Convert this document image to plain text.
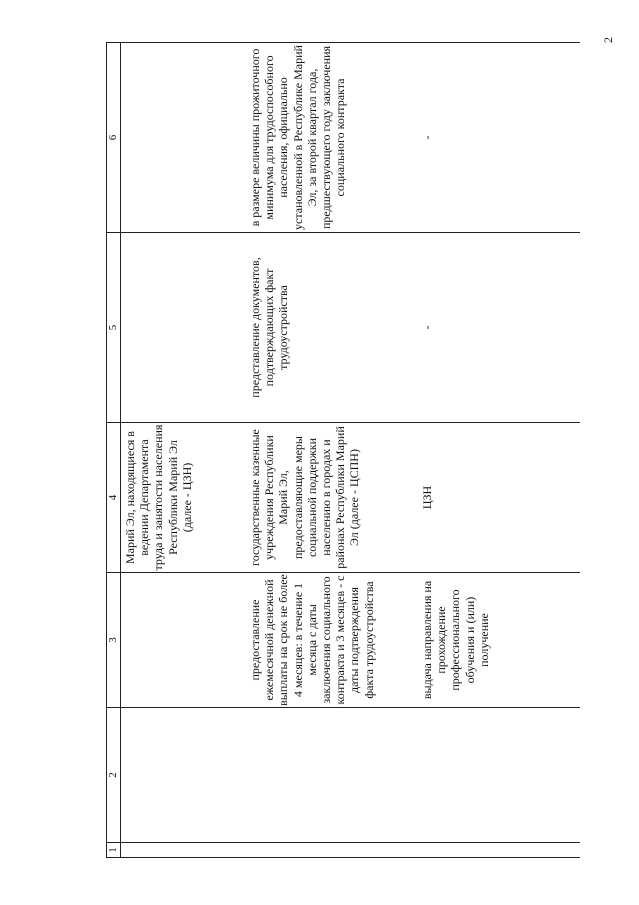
2
1	2	3	4	5	6

			Марий Эл, находящиеся в ведении Департамента труда и занятости населения Республики Марий Эл (далее - ЦЗН)		

		предоставление ежемесячной денежной выплаты на срок не более 4 месяцев: в течение 1 месяца с даты заключения социального контракта и 3 месяцев - с даты подтверждения факта трудоустройства	государственные казенные учреждения Республики Марий Эл, предоставляющие меры социальной поддержки населению в городах и районах Республики Марий Эл (далее - ЦСПН)	представление документов, подтверждающих факт трудоустройства	в размере величины прожиточного минимума для трудоспособного населения, официально установленной в Республике Марий Эл, за второй квартал года, предшествующего году заключения социального контракта

		выдача направления на прохождение профессионального обучения и (или) получение	ЦЗН	-	-
